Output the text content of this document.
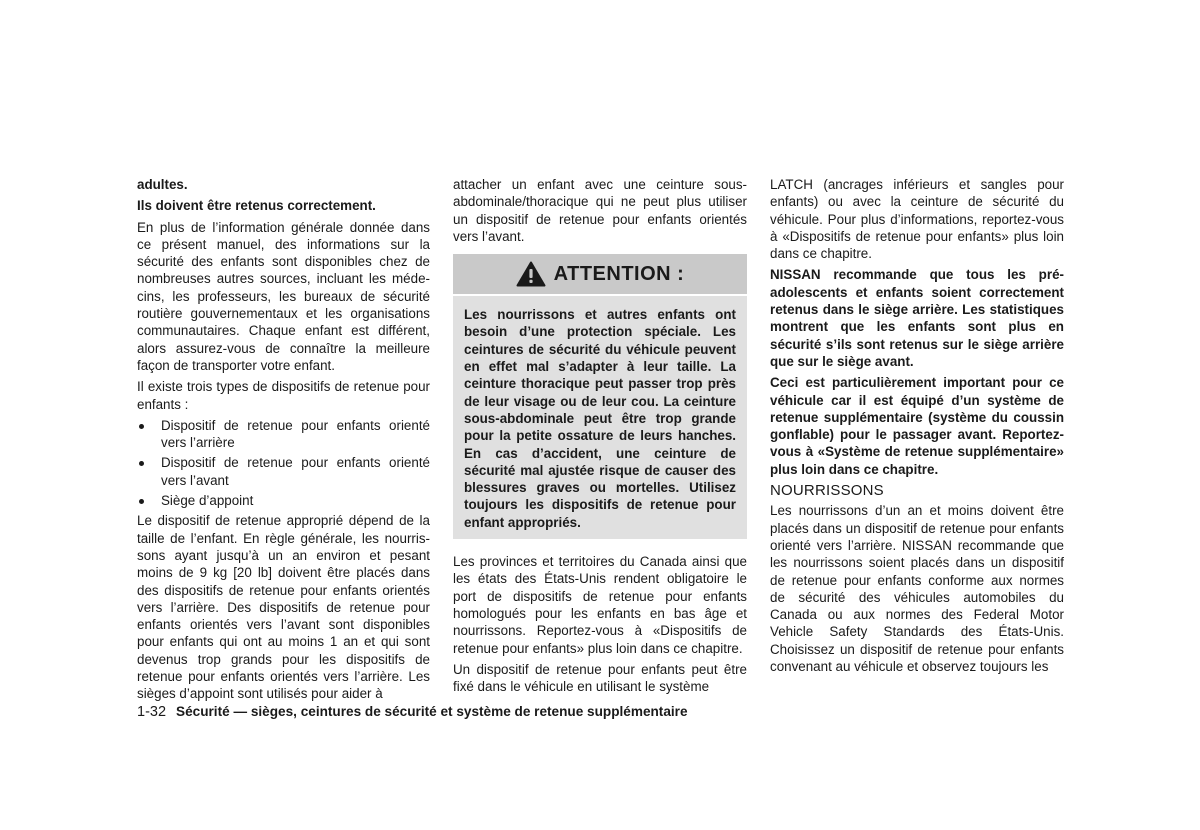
adultes.

Ils doivent être retenus correctement.

En plus de l’information générale donnée dans ce présent manuel, des informations sur la sécurité des enfants sont disponibles chez de nombreuses autres sources, incluant les médecins, les professeurs, les bureaux de sécurité routière gouvernementaux et les organisations communautaires. Chaque enfant est différent, alors assurez-vous de connaître la meilleure façon de transporter votre enfant.

Il existe trois types de dispositifs de retenue pour enfants :

Dispositif de retenue pour enfants orienté vers l’arrière
Dispositif de retenue pour enfants orienté vers l’avant
Siège d’appoint

Le dispositif de retenue approprié dépend de la taille de l’enfant. En règle générale, les nourrissons ayant jusqu’à un an environ et pesant moins de 9 kg [20 lb] doivent être placés dans des dispositifs de retenue pour enfants orientés vers l’arrière. Des dispositifs de retenue pour enfants orientés vers l’avant sont disponibles pour enfants qui ont au moins 1 an et qui sont devenus trop grands pour les dispositifs de retenue pour enfants orientés vers l’arrière. Les sièges d’appoint sont utilisés pour aider à

attacher un enfant avec une ceinture sous-abdominale/thoracique qui ne peut plus utiliser un dispositif de retenue pour enfants orientés vers l’avant.

ATTENTION :
Les nourrissons et autres enfants ont besoin d’une protection spéciale. Les ceintures de sécurité du véhicule peuvent en effet mal s’adapter à leur taille. La ceinture thoracique peut passer trop près de leur visage ou de leur cou. La ceinture sous-abdominale peut être trop grande pour la petite ossature de leurs hanches. En cas d’accident, une ceinture de sécurité mal ajustée risque de causer des blessures graves ou mortelles. Utilisez toujours les dispositifs de retenue pour enfant appropriés.

Les provinces et territoires du Canada ainsi que les états des États-Unis rendent obligatoire le port de dispositifs de retenue pour enfants homologués pour les enfants en bas âge et nourrissons. Reportez-vous à «Dispositifs de retenue pour enfants» plus loin dans ce chapitre.

Un dispositif de retenue pour enfants peut être fixé dans le véhicule en utilisant le système

LATCH (ancrages inférieurs et sangles pour enfants) ou avec la ceinture de sécurité du véhicule. Pour plus d’informations, reportez-vous à «Dispositifs de retenue pour enfants» plus loin dans ce chapitre.

NISSAN recommande que tous les préadolescents et enfants soient correctement retenus dans le siège arrière. Les statistiques montrent que les enfants sont plus en sécurité s’ils sont retenus sur le siège arrière que sur le siège avant.

Ceci est particulièrement important pour ce véhicule car il est équipé d’un système de retenue supplémentaire (système du coussin gonflable) pour le passager avant. Reportez-vous à «Système de retenue supplémentaire» plus loin dans ce chapitre.

NOURRISSONS

Les nourrissons d’un an et moins doivent être placés dans un dispositif de retenue pour enfants orienté vers l’arrière. NISSAN recommande que les nourrissons soient placés dans un dispositif de retenue pour enfants conforme aux normes de sécurité des véhicules automobiles du Canada ou aux normes des Federal Motor Vehicle Safety Standards des États-Unis. Choisissez un dispositif de retenue pour enfants convenant au véhicule et observez toujours les

1-32 Sécurité — sièges, ceintures de sécurité et système de retenue supplémentaire
